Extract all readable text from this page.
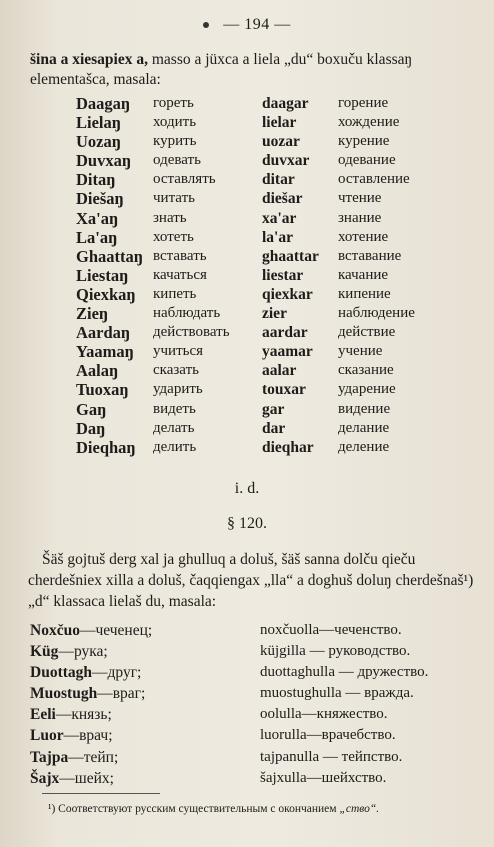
— 194 —
šina a xiesapiex a, masso a jüxca a liela „du“ boxuču klassaŋ elementašca, masala:
Daagaŋ гореть	daagar горение
Lielaŋ ходить	lielar	хождение
Uozaŋ курить	uozar	курение
Duvxaŋ одевать	duvxar одевание
Ditaŋ	оставлять	ditar	оставление
Diešaŋ читать	diešar чтение
Xa'aŋ знать	xa'ar	знание
La'aŋ хотеть	la'ar	хотение
Ghaattaŋ вставать	ghaattar вставание
Liestaŋ качаться	liestar качание
Qiexkaŋ кипеть	qiexkar кипение
Zieŋ	наблюдать	zier	наблюдение
Aardaŋ действовать aardar действие
Yaamaŋ учиться	yaamar учение
Aalaŋ сказать	aalar	сказание
Tuoxaŋ ударить	touxar ударение
Gaŋ	видеть	gar	видение
Daŋ	делать	dar	делание
Dieqhaŋ делить	dieqhar деление
i. d.
§ 120.
Šäš gojtuš derg xal ja ghulluq a doluš, šäš sanna dolču qieču cherdešniex xilla a doluš, čaqqiengax „lla“ a doghuš doluŋ cherdešnaš¹) „d“ klassaca lielaš du, masala:
Noxčuo—чеченец;	noxčuolla—чеченство.
Küg—рука;	küjgilla — руководство.
Duottagh—друг;	duottaghulla — дружество.
Muostugh—враг;	muostughulla — вражда.
Eeli—князь;	oolulla—княжество.
Luor—врач;	luorulla—врачебство.
Tajpa—тейп;	tajpanulla — тейпство.
Šajx—шейх;	šajxulla—шейхство.
¹) Соответствуют русским существительным с окончанием „ство“.
